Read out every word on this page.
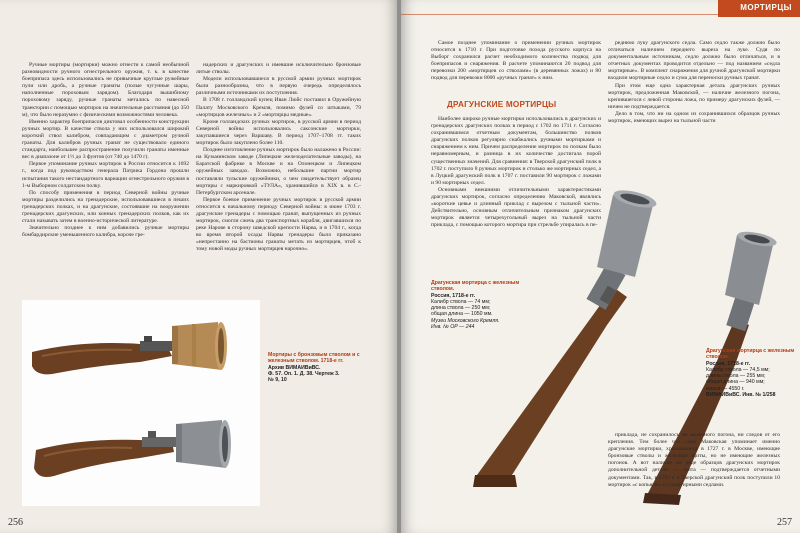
Ручные мортиры (мортирки) можно отнести к самой необычной разновидности ручного огнестрельного оружия, т. к. в качестве боеприпаса здесь использовались не привычные круглые ружейные пули или дробь, а ручные гранаты (полые чугунные шары, наполненные пороховым зарядом). Благодаря вышибному пороховому заряду, ручные гранаты метались по навесной траектории с помощью мортирок на значительные расстояния (до 350 м), что было неразумно с физическими возможностями человека.

Именно характер боеприпасов диктовал особенности конструкции ручных мортир. В качестве ствола у них использовался широкий короткий ствол калибром, совпадающим с диаметром ручной гранаты. Для калибров ручных гранат не существовало единого стандарта, наибольшее распространение получили гранаты именные вес в диапазоне от 1½ до 3 фунтов (от 740 до 1470 г).

Первое упоминание ручных мортирок в России относится к 1692 г., когда под руководством генерала Патрика Гордона прошли испытания такого нестандартного вариации огнестрельного оружия в 1-м Выборном солдатском полку.

По способу применения в период Северной войны ручные мортиры разделились на гренадерские, использовавшиеся в пеших гренадерских полках, и на драгунские, состоявшие на вооружении гренадерских драгунских, или конных гренадерских полков, как их стали называть затем в военно-исторической литературе.

Значительно позднее к ним добавились ручные мортиры бомбардирские уменьшенного калибра, короче гре-

надерских и драгунских и имевшие исключительно бронзовые литые стволы.

Модели использовавшиеся в русской армии ручных мортирок были разнообразны, что в первую очередь определялось различными источниками их поступления.

В 1708 г. голландский купец Иван Люйс поставил в Оружейную Палату Московского Кремля, помимо фузей со штыками, 79 «мортирцов железных» и 2 «мортирцы медные».

Кроме голландских ручных мортирок, в русской армии в период Северной войны использовались саксонские мортирки, закупавшиеся через Варшаву. В период 1707–1708 гг. таких мортирок было закуплено более 110.

Позднее изготовление ручных мортирок было налажено в России: на Кузьминском заводе (Липецкие железоделательные заводы), на Баратской фабрике в Москве и на Олонецком и Липецком оружейных заводах. Возможно, небольшие партии мортир поставляли тульские оружейники, о чем свидетельствует образец мортиры с маркировкой «ТУЛА», хранившийся в XIX в. в С.-Петербургском арсенале.

Первое боевое применение ручных мортирок в русской армии относится к начальному периоду Северной войны: в июне 1703 г. драгунские гренадеры с помощью гранат, выпущенных из ручных мортирок, смогли сжечь два транспортных корабля, двигавшихся по реке Нарове в сторону шведской крепости Нарва, и в 1704 г., когда во время второй осады Нарвы гренадеры было приказано «непрестанно на бастионы гранаты метать из мортирцев, чтоб к тому новой моды ручных мортирцев нарочно».

Мортиры с бронзовым стволом и с железным стволом. 1718-е гг.
Архив ВИМАИВиВС.
Ф. 57. Оп. 1. Д. 38. Чертеж 3.
№ 9, 10
256
МОРТИРЦЫ

Самое позднее упоминание о применении ручных мортирок относится к 1710 г. При подготовке похода русского корпуса на Выборг сохранился расчет необходимого количества подвод для боеприпасов и снаряжения. В расчете упоминаются 20 подвод для перевозки 200 «мортирцев со стволами» (в деревянных ложах) и 80 подвод для перевозки 8000 «ручных гранат» к ним.

ДРАГУНСКИЕ МОРТИРЦЫ

Наиболее широко ручные мортирки использовались в драгунских и гренадерских драгунских полках в период с 1702 по 1711 г. Согласно сохранившимся отчетным документам, большинство полков драгунских полков регулярно снабжались ручными мортирками и снаряжением к ним. Причем распределение мортирок по полкам было неравномерным, и разница в их количестве достигала порой существенных значений. Для сравнения: в Тверской драгунский полк в 1702 г. поступило 8 ручных мортирок и столько же мортирных седел, а в Луцкий драгунский полк в 1707 г. поставили 90 мортирок с ложами и 90 мортирных седел.

Основными внешними отличительными характеристиками драгунских мортирок, согласно определению Маковской, являлись «короткие цевье и длинный приклад с вырезом с тыльной части». Действительно, основным отличительным признаком драгунских мортирок является четырехугольный вырез на тыльной части приклада, с помощью которого мортира при стрельбе упиралась в пе-

реднюю луку драгунского седла. Само седло также должно было отличаться наличием переднего выреза на луке. Судя по документальным источникам, седло должно было отличаться, и в отчетных документах проводится отдельно — под названием «седла мортирные». В комплект снаряжения для ручной драгунской мортирки входили мортирные седло и сума для переноски ручных гранат.

При этом еще одна характерная деталь драгунских ручных мортирок, предложенная Маковской, — наличие железного погона, крепившегося с левой стороны ложа, по примеру драгунских фузей, — ничем не подтверждается.

Дело в том, что ни на одном из сохранившихся образцов ручных мортирок, имеющих вырез на тыльной части

Драгунская мортирца с железным стволом.
Россия, 1718-е гг.
Калибр ствола — 74 мм;
длина ствола — 250 мм;
общая длина — 1050 мм.
Музеи Московского Кремля.
Инв. № ОР — 244
Драгунская мортирца с железным стволом.
Россия, 1718-е гг.
Калибр ствола — 74,5 мм;
длина ствола — 255 мм;
общая длина — 940 мм;
масса — 4550 г.
ВИМАИВиВС. Инв. № 1/258

приклада, не сохранилось ни железного погона, ни следов от его крепления. Тем более что сама Маковская упоминает именно драгунские мортирки, хранившиеся в 1727 г. в Москве, имеющие бронзовые стволы и железные щиты, но не имеющие железных погонов. А вот наличие на ряде образцов драгунских мортирок дополнительной детали — щита — подтверждается отчетными документами. Так, в 1703 г. в Тверской драгунский полк поступили 10 мортирок «с копьями» и с мортирными седлами.

257
